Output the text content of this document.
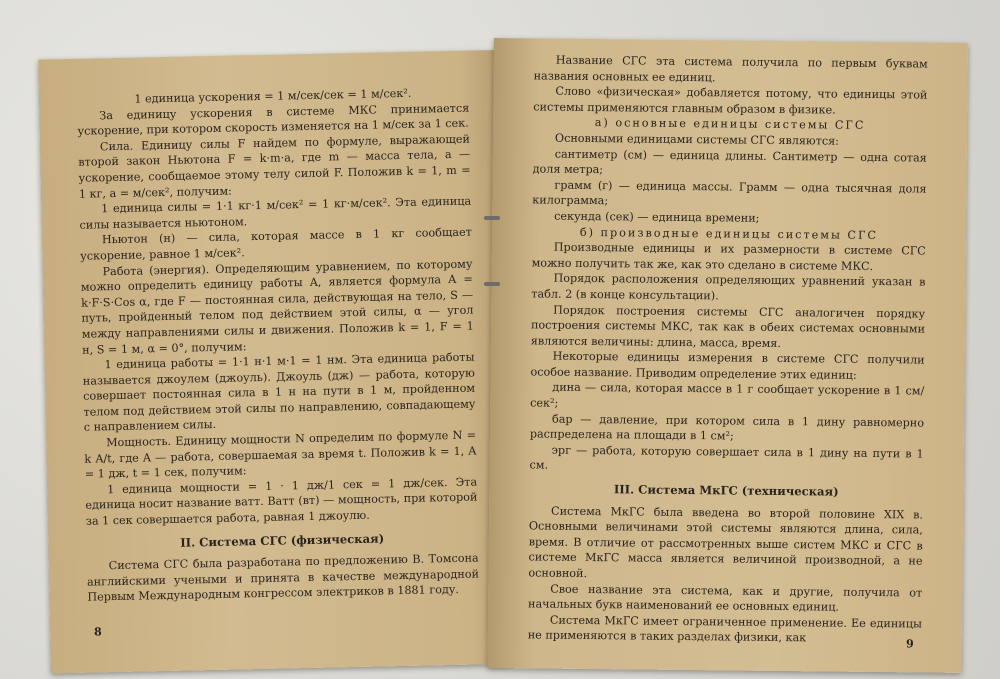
1 единица ускорения = 1 м/сек/сек = 1 м/сек².

За единицу ускорения в системе МКС принимается ускорение, при котором скорость изменяется на 1 м/сек за 1 сек.

Сила. Единицу силы F найдем по формуле, выражающей второй закон Ньютона F = k·m·a, где m — масса тела, a — ускорение, сообщаемое этому телу силой F. Положив k = 1, m = 1 кг, a = м/сек², получим:

1 единица силы = 1·1 кг·1 м/сек² = 1 кг·м/сек². Эта единица силы называется ньютоном.

Ньютон (н) — сила, которая массе в 1 кг сообщает ускорение, равное 1 м/сек².

Работа (энергия). Определяющим уравнением, по которому можно определить единицу работы A, является формула A = k·F·S·Cos α, где F — постоянная сила, действующая на тело, S — путь, пройденный телом под действием этой силы, α — угол между направлениями силы и движения. Положив k = 1, F = 1 н, S = 1 м, α = 0°, получим:

1 единица работы = 1·1 н·1 м·1 = 1 нм. Эта единица работы называется джоулем (джоуль). Джоуль (дж) — работа, которую совершает постоянная сила в 1 н на пути в 1 м, пройденном телом под действием этой силы по направлению, совпадающему с направлением силы.

Мощность. Единицу мощности N определим по формуле N = k A/t, где A — работа, совершаемая за время t. Положив k = 1, A = 1 дж, t = 1 сек, получим:

1 единица мощности = 1 · 1 дж/1 сек = 1 дж/сек. Эта единица носит название ватт. Ватт (вт) — мощность, при которой за 1 сек совершается работа, равная 1 джоулю.

II. Система СГС (физическая)

Система СГС была разработана по предложению В. Томсона английскими учеными и принята в качестве международной Первым Международным конгрессом электриков в 1881 году.

8

Название СГС эта система получила по первым буквам названия основных ее единиц.

Слово «физическая» добавляется потому, что единицы этой системы применяются главным образом в физике.

а) основные единицы системы СГС

Основными единицами системы СГС являются:

сантиметр (см) — единица длины. Сантиметр — одна сотая доля метра;

грамм (г) — единица массы. Грамм — одна тысячная доля килограмма;

секунда (сек) — единица времени;

б) производные единицы системы СГС

Производные единицы и их размерности в системе СГС можно получить так же, как это сделано в системе МКС.

Порядок расположения определяющих уравнений указан в табл. 2 (в конце консультации).

Порядок построения системы СГС аналогичен порядку построения системы МКС, так как в обеих системах основными являются величины: длина, масса, время.

Некоторые единицы измерения в системе СГС получили особое название. Приводим определение этих единиц:

дина — сила, которая массе в 1 г сообщает ускорение в 1 см/сек²;

бар — давление, при котором сила в 1 дину равномерно распределена на площади в 1 см²;

эрг — работа, которую совершает сила в 1 дину на пути в 1 см.

III. Система МкГС (техническая)

Система МкГС была введена во второй половине XIX в. Основными величинами этой системы являются длина, сила, время. В отличие от рассмотренных выше систем МКС и СГС в системе МкГС масса является величиной производной, а не основной.

Свое название эта система, как и другие, получила от начальных букв наименований ее основных единиц.

Система МкГС имеет ограниченное применение. Ее единицы не применяются в таких разделах физики, как	9
